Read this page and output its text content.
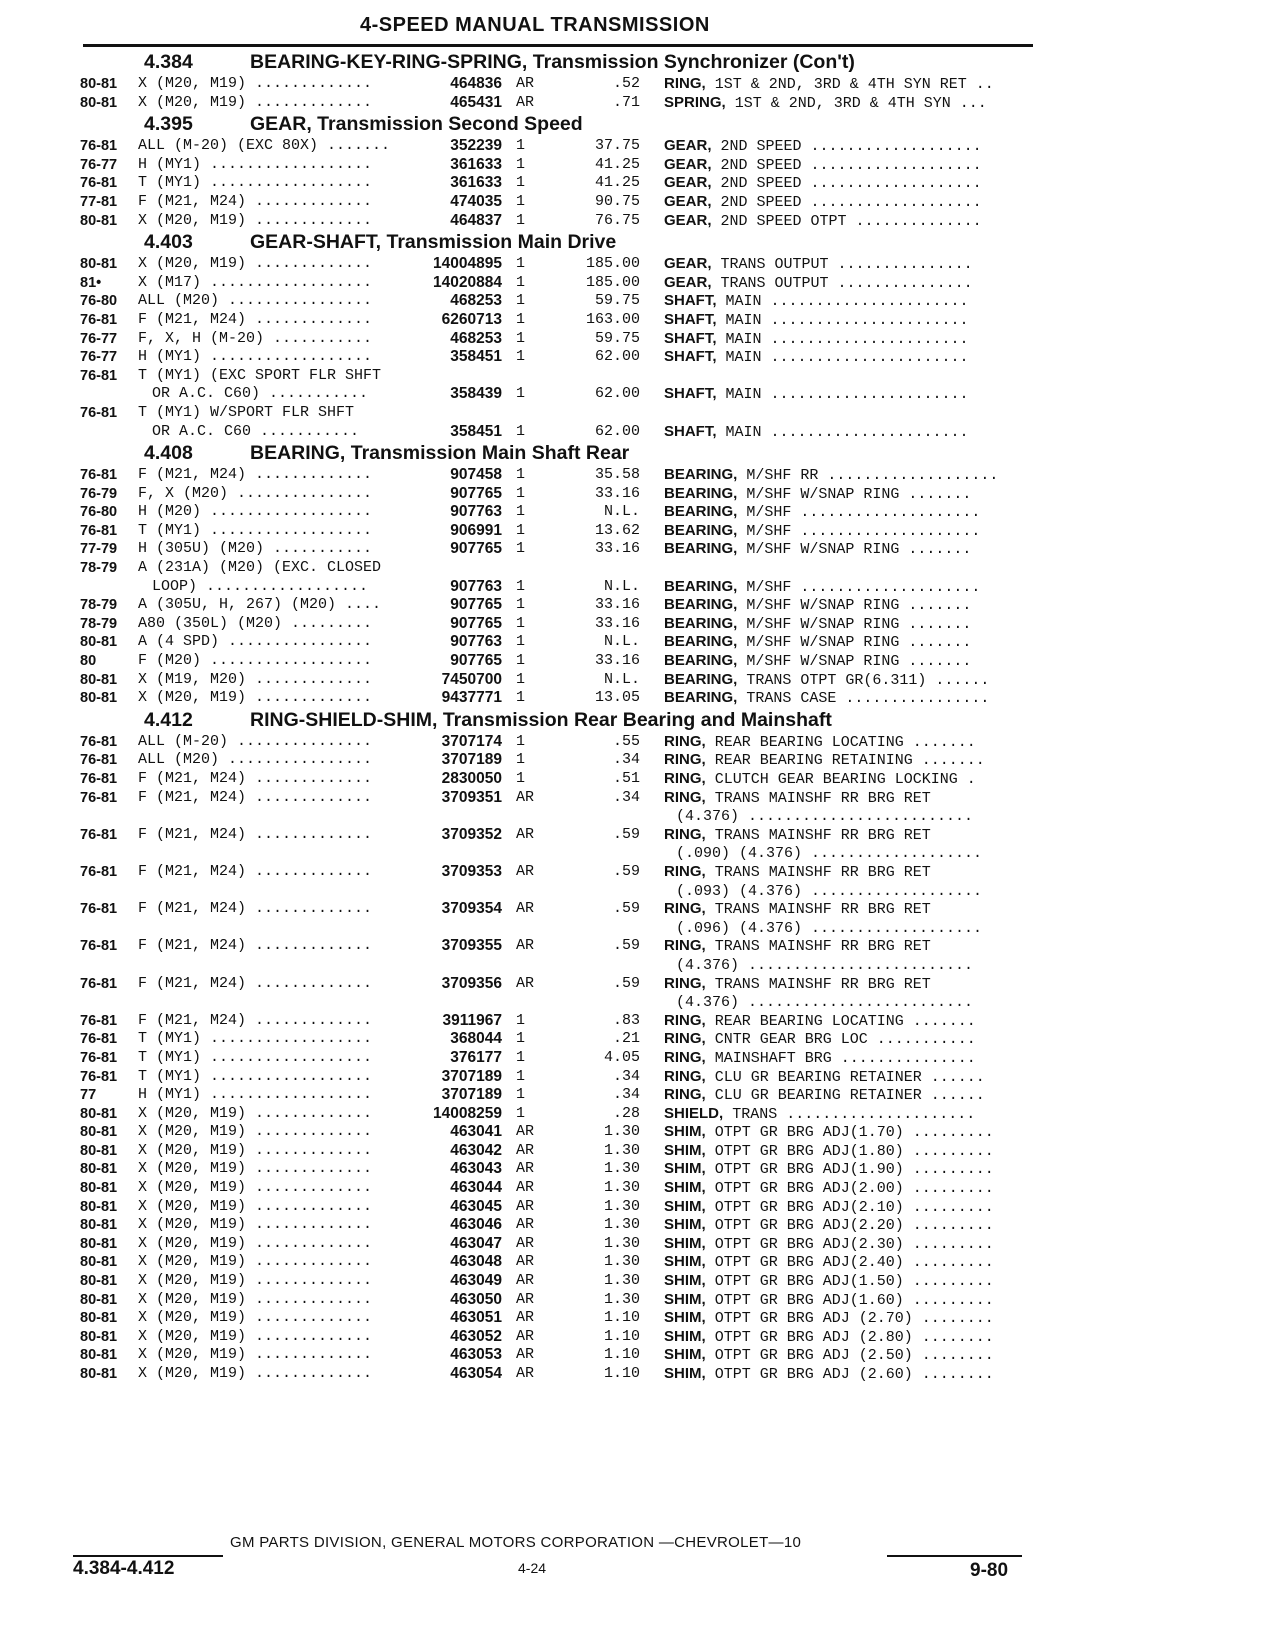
4-SPEED MANUAL TRANSMISSION
4.384	BEARING-KEY-RING-SPRING, Transmission Synchronizer (Con't)
80-81	X (M20, M19) .............	464836 AR	.52 RING, 1ST & 2ND, 3RD & 4TH SYN RET ..
80-81	X (M20, M19) .............	465431 AR	.71 SPRING, 1ST & 2ND, 3RD & 4TH SYN ...
4.395	GEAR, Transmission Second Speed
76-81	ALL (M-20) (EXC 80X) .......	352239 1	37.75 GEAR, 2ND SPEED ...................
76-77	H (MY1) ..................	361633 1	41.25 GEAR, 2ND SPEED ...................
76-81	T (MY1) ..................	361633 1	41.25 GEAR, 2ND SPEED ...................
77-81	F (M21, M24) .............	474035 1	90.75 GEAR, 2ND SPEED ...................
80-81	X (M20, M19) .............	464837 1	76.75 GEAR, 2ND SPEED OTPT ..............
4.403	GEAR-SHAFT, Transmission Main Drive
80-81	X (M20, M19) .............	14004895 1	185.00 GEAR, TRANS OUTPUT ...............
81•	X (M17) ..................	14020884 1	185.00 GEAR, TRANS OUTPUT ...............
76-80	ALL (M20) ................	468253 1	59.75 SHAFT, MAIN ......................
76-81	F (M21, M24) .............	6260713 1	163.00 SHAFT, MAIN ......................
76-77	F, X, H (M-20) ...........	468253 1	59.75 SHAFT, MAIN ......................
76-77	H (MY1) ..................	358451 1	62.00 SHAFT, MAIN ......................
76-81	T (MY1) (EXC SPORT FLR SHFT
OR A.C. C60) ...........	358439 1	62.00 SHAFT, MAIN ......................
76-81	T (MY1) W/SPORT FLR SHFT
OR A.C. C60 ...........	358451 1	62.00 SHAFT, MAIN ......................
4.408	BEARING, Transmission Main Shaft Rear
76-81	F (M21, M24) .............	907458 1	35.58 BEARING, M/SHF RR ...................
76-79	F, X (M20) ...............	907765 1	33.16 BEARING, M/SHF W/SNAP RING .......
76-80	H (M20) ..................	907763 1	N.L. BEARING, M/SHF ....................
76-81	T (MY1) ..................	906991 1	13.62 BEARING, M/SHF ....................
77-79	H (305U) (M20) ...........	907765 1	33.16 BEARING, M/SHF W/SNAP RING .......
78-79	A (231A) (M20) (EXC. CLOSED
LOOP) ..................	907763 1	N.L. BEARING, M/SHF ....................
78-79	A (305U, H, 267) (M20) ....	907765 1	33.16 BEARING, M/SHF W/SNAP RING .......
78-79	A80 (350L) (M20) .........	907765 1	33.16 BEARING, M/SHF W/SNAP RING .......
80-81	A (4 SPD) ................	907763 1	N.L. BEARING, M/SHF W/SNAP RING .......
80	F (M20) ..................	907765 1	33.16 BEARING, M/SHF W/SNAP RING .......
80-81	X (M19, M20) .............	7450700 1	N.L. BEARING, TRANS OTPT GR(6.311) ......
80-81	X (M20, M19) .............	9437771 1	13.05 BEARING, TRANS CASE ................
4.412	RING-SHIELD-SHIM, Transmission Rear Bearing and Mainshaft
76-81	ALL (M-20) ...............	3707174 1	.55 RING, REAR BEARING LOCATING .......
76-81	ALL (M20) ................	3707189 1	.34 RING, REAR BEARING RETAINING .......
76-81	F (M21, M24) .............	2830050 1	.51 RING, CLUTCH GEAR BEARING LOCKING .
76-81	F (M21, M24) .............	3709351 AR	.34 RING, TRANS MAINSHF RR BRG RET
(4.376) .........................
76-81	F (M21, M24) .............	3709352 AR	.59 RING, TRANS MAINSHF RR BRG RET
(.090) (4.376) ...................
76-81	F (M21, M24) .............	3709353 AR	.59 RING, TRANS MAINSHF RR BRG RET
(.093) (4.376) ...................
76-81	F (M21, M24) .............	3709354 AR	.59 RING, TRANS MAINSHF RR BRG RET
(.096) (4.376) ...................
76-81	F (M21, M24) .............	3709355 AR	.59 RING, TRANS MAINSHF RR BRG RET
(4.376) .........................
76-81	F (M21, M24) .............	3709356 AR	.59 RING, TRANS MAINSHF RR BRG RET
(4.376) .........................
76-81	F (M21, M24) .............	3911967 1	.83 RING, REAR BEARING LOCATING .......
76-81	T (MY1) ..................	368044 1	.21 RING, CNTR GEAR BRG LOC ...........
76-81	T (MY1) ..................	376177 1	4.05 RING, MAINSHAFT BRG ...............
76-81	T (MY1) ..................	3707189 1	.34 RING, CLU GR BEARING RETAINER ......
77	H (MY1) ..................	3707189 1	.34 RING, CLU GR BEARING RETAINER ......
80-81	X (M20, M19) .............	14008259 1	.28 SHIELD, TRANS .....................
80-81	X (M20, M19) .............	463041 AR	1.30 SHIM, OTPT GR BRG ADJ(1.70) .........
80-81	X (M20, M19) .............	463042 AR	1.30 SHIM, OTPT GR BRG ADJ(1.80) .........
80-81	X (M20, M19) .............	463043 AR	1.30 SHIM, OTPT GR BRG ADJ(1.90) .........
80-81	X (M20, M19) .............	463044 AR	1.30 SHIM, OTPT GR BRG ADJ(2.00) .........
80-81	X (M20, M19) .............	463045 AR	1.30 SHIM, OTPT GR BRG ADJ(2.10) .........
80-81	X (M20, M19) .............	463046 AR	1.30 SHIM, OTPT GR BRG ADJ(2.20) .........
80-81	X (M20, M19) .............	463047 AR	1.30 SHIM, OTPT GR BRG ADJ(2.30) .........
80-81	X (M20, M19) .............	463048 AR	1.30 SHIM, OTPT GR BRG ADJ(2.40) .........
80-81	X (M20, M19) .............	463049 AR	1.30 SHIM, OTPT GR BRG ADJ(1.50) .........
80-81	X (M20, M19) .............	463050 AR	1.30 SHIM, OTPT GR BRG ADJ(1.60) .........
80-81	X (M20, M19) .............	463051 AR	1.10 SHIM, OTPT GR BRG ADJ (2.70) ........
80-81	X (M20, M19) .............	463052 AR	1.10 SHIM, OTPT GR BRG ADJ (2.80) ........
80-81	X (M20, M19) .............	463053 AR	1.10 SHIM, OTPT GR BRG ADJ (2.50) ........
80-81	X (M20, M19) .............	463054 AR	1.10 SHIM, OTPT GR BRG ADJ (2.60) ........
GM PARTS DIVISION, GENERAL MOTORS CORPORATION —CHEVROLET—10
4.384-4.412	4-24	9-80
